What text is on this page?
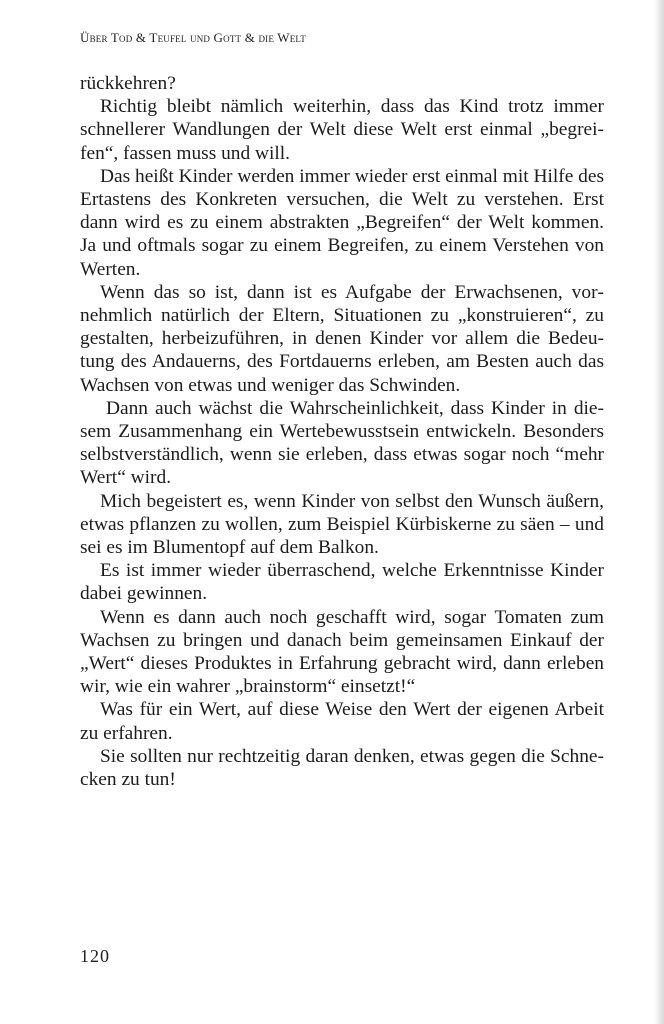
Über Tod & Teufel und Gott & die Welt

rückkehren?

Richtig bleibt nämlich weiterhin, dass das Kind trotz immer schnellerer Wandlungen der Welt diese Welt erst einmal „begreifen“, fassen muss und will.

Das heißt Kinder werden immer wieder erst einmal mit Hilfe des Ertastens des Konkreten versuchen, die Welt zu verstehen. Erst dann wird es zu einem abstrakten „Begreifen“ der Welt kommen. Ja und oftmals sogar zu einem Begreifen, zu einem Verstehen von Werten.

Wenn das so ist, dann ist es Aufgabe der Erwachsenen, vornehmlich natürlich der Eltern, Situationen zu „konstruieren“, zu gestalten, herbeizuführen, in denen Kinder vor allem die Bedeutung des Andauerns, des Fortdauerns erleben, am Besten auch das Wachsen von etwas und weniger das Schwinden.

Dann auch wächst die Wahrscheinlichkeit, dass Kinder in diesem Zusammenhang ein Wertebewusstsein entwickeln. Besonders selbstverständlich, wenn sie erleben, dass etwas sogar noch “mehr Wert“ wird.

Mich begeistert es, wenn Kinder von selbst den Wunsch äußern, etwas pflanzen zu wollen, zum Beispiel Kürbiskerne zu säen – und sei es im Blumentopf auf dem Balkon.

Es ist immer wieder überraschend, welche Erkenntnisse Kinder dabei gewinnen.

Wenn es dann auch noch geschafft wird, sogar Tomaten zum Wachsen zu bringen und danach beim gemeinsamen Einkauf der „Wert“ dieses Produktes in Erfahrung gebracht wird, dann erleben wir, wie ein wahrer „brainstorm“ einsetzt!“

Was für ein Wert, auf diese Weise den Wert der eigenen Arbeit zu erfahren.

Sie sollten nur rechtzeitig daran denken, etwas gegen die Schnecken zu tun!

120
